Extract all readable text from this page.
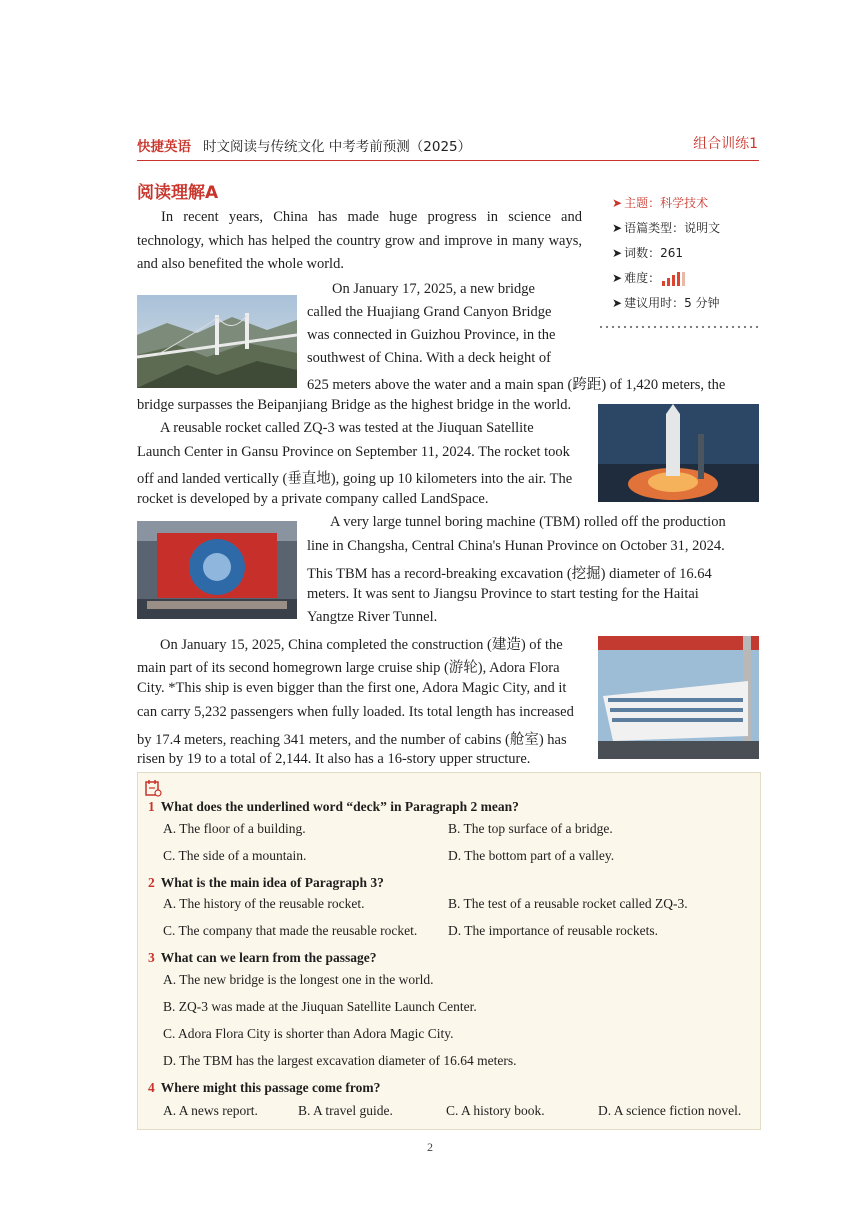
快捷英语 时文阅读与传统文化 中考考前预测（2025）	组合训练1
阅读理解A	➤ 主题：科学技术
➤ 语篇类型：说明文
➤ 词数：261
➤ 难度：
➤ 建议用时：5 分钟
In recent years, China has made huge progress in science and technology, which has helped the country grow and improve in many ways, and also benefited the whole world.
On January 17, 2025, a new bridge
called the Huajiang Grand Canyon Bridge
was connected in Guizhou Province, in the
southwest of China. With a deck height of
625 meters above the water and a main span (跨距) of 1,420 meters, the
bridge surpasses the Beipanjiang Bridge as the highest bridge in the world.
A reusable rocket called ZQ-3 was tested at the Jiuquan Satellite
Launch Center in Gansu Province on September 11, 2024. The rocket took
off and landed vertically (垂直地), going up 10 kilometers into the air. The
rocket is developed by a private company called LandSpace.
A very large tunnel boring machine (TBM) rolled off the production
line in Changsha, Central China's Hunan Province on October 31, 2024.
This TBM has a record-breaking excavation (挖掘) diameter of 16.64
meters. It was sent to Jiangsu Province to start testing for the Haitai
Yangtze River Tunnel.
On January 15, 2025, China completed the construction (建造) of the
main part of its second homegrown large cruise ship (游轮), Adora Flora
City. *This ship is even bigger than the first one, Adora Magic City, and it
can carry 5,232 passengers when fully loaded. Its total length has increased
by 17.4 meters, reaching 341 meters, and the number of cabins (舱室) has
risen by 19 to a total of 2,144. It also has a 16-story upper structure.
1 What does the underlined word “deck” in Paragraph 2 mean?
A. The floor of a building.	B. The top surface of a bridge.
C. The side of a mountain.	D. The bottom part of a valley.
2 What is the main idea of Paragraph 3?
A. The history of the reusable rocket.	B. The test of a reusable rocket called ZQ-3.
C. The company that made the reusable rocket. D. The importance of reusable rockets.
3 What can we learn from the passage?
A. The new bridge is the longest one in the world.
B. ZQ-3 was made at the Jiuquan Satellite Launch Center.
C. Adora Flora City is shorter than Adora Magic City.
D. The TBM has the largest excavation diameter of 16.64 meters.
4 Where might this passage come from?
A. A news report.	B. A travel guide.	C. A history book.	D. A science fiction novel.
2
